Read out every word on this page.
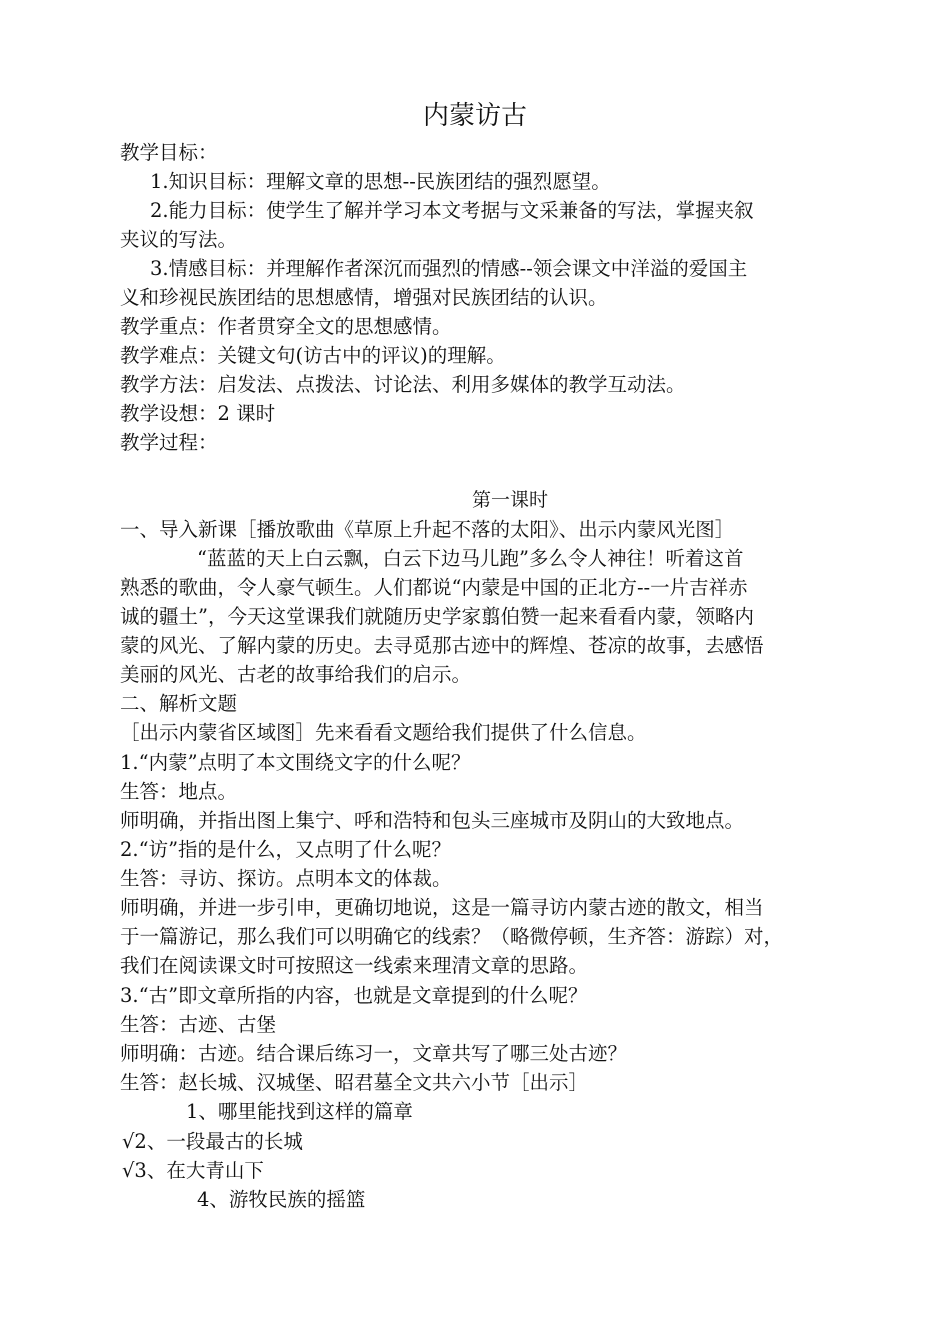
内蒙访古
教学目标：
1.知识目标：理解文章的思想--民族团结的强烈愿望。
2.能力目标：使学生了解并学习本文考据与文采兼备的写法，掌握夹叙
夹议的写法。
3.情感目标：并理解作者深沉而强烈的情感--领会课文中洋溢的爱国主
义和珍视民族团结的思想感情，增强对民族团结的认识。
教学重点：作者贯穿全文的思想感情。
教学难点：关键文句(访古中的评议)的理解。
教学方法：启发法、点拨法、讨论法、利用多媒体的教学互动法。
教学设想：2 课时
教学过程：
第一课时
一、导入新课［播放歌曲《草原上升起不落的太阳》、出示内蒙风光图］
“蓝蓝的天上白云飘，白云下边马儿跑”多么令人神往！听着这首
熟悉的歌曲，令人豪气顿生。人们都说“内蒙是中国的正北方--一片吉祥赤
诚的疆土”，今天这堂课我们就随历史学家翦伯赞一起来看看内蒙，领略内
蒙的风光、了解内蒙的历史。去寻觅那古迹中的辉煌、苍凉的故事，去感悟
美丽的风光、古老的故事给我们的启示。
二、解析文题
［出示内蒙省区域图］先来看看文题给我们提供了什么信息。
1.“内蒙”点明了本文围绕文字的什么呢？
生答：地点。
师明确，并指出图上集宁、呼和浩特和包头三座城市及阴山的大致地点。
2.“访”指的是什么，又点明了什么呢？
生答：寻访、探访。点明本文的体裁。
师明确，并进一步引申，更确切地说，这是一篇寻访内蒙古迹的散文，相当
于一篇游记，那么我们可以明确它的线索？（略微停顿，生齐答：游踪）对，
我们在阅读课文时可按照这一线索来理清文章的思路。
3.“古”即文章所指的内容，也就是文章提到的什么呢？
生答：古迹、古堡
师明确：古迹。结合课后练习一，文章共写了哪三处古迹？
生答：赵长城、汉城堡、昭君墓全文共六小节［出示］
1、哪里能找到这样的篇章
√2、一段最古的长城
√3、在大青山下
4、游牧民族的摇篮
